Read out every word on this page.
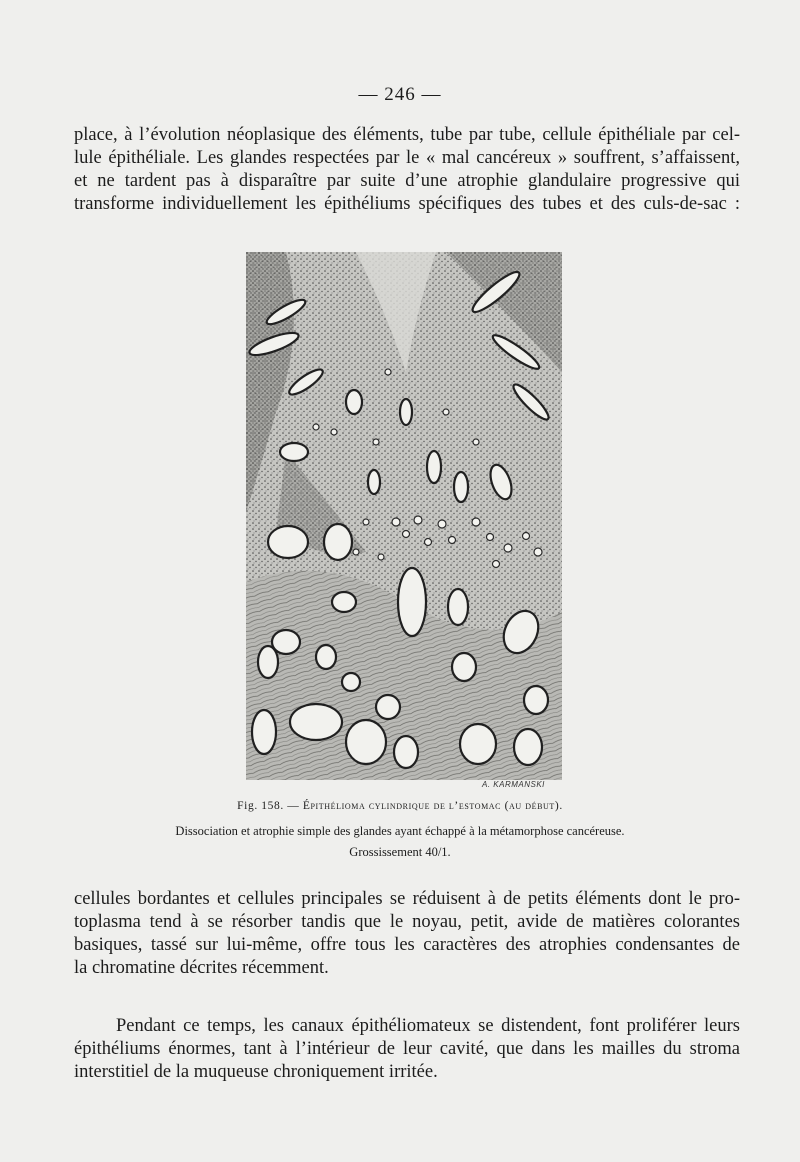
— 246 —
place, à l’évolution néoplasique des éléments, tube par tube, cellule épithéliale par cel-
lule épithéliale. Les glandes respectées par le « mal cancéreux » souffrent, s’affaissent,
et ne tardent pas à disparaître par suite d’une atrophie glandulaire progressive qui
transforme individuellement les épithéliums spécifiques des tubes et des culs-de-sac :
A. KARMANSKI
Fig. 158. — Épithélioma cylindrique de l’estomac (au début).
Dissociation et atrophie simple des glandes ayant échappé à la métamorphose cancéreuse.
Grossissement 40/1.
cellules bordantes et cellules principales se réduisent à de petits éléments dont le pro-
toplasma tend à se résorber tandis que le noyau, petit, avide de matières colorantes
basiques, tassé sur lui-même, offre tous les caractères des atrophies condensantes de
la chromatine décrites récemment.
Pendant ce temps, les canaux épithéliomateux se distendent, font proliférer leurs
épithéliums énormes, tant à l’intérieur de leur cavité, que dans les mailles du stroma
interstitiel de la muqueuse chroniquement irritée.
